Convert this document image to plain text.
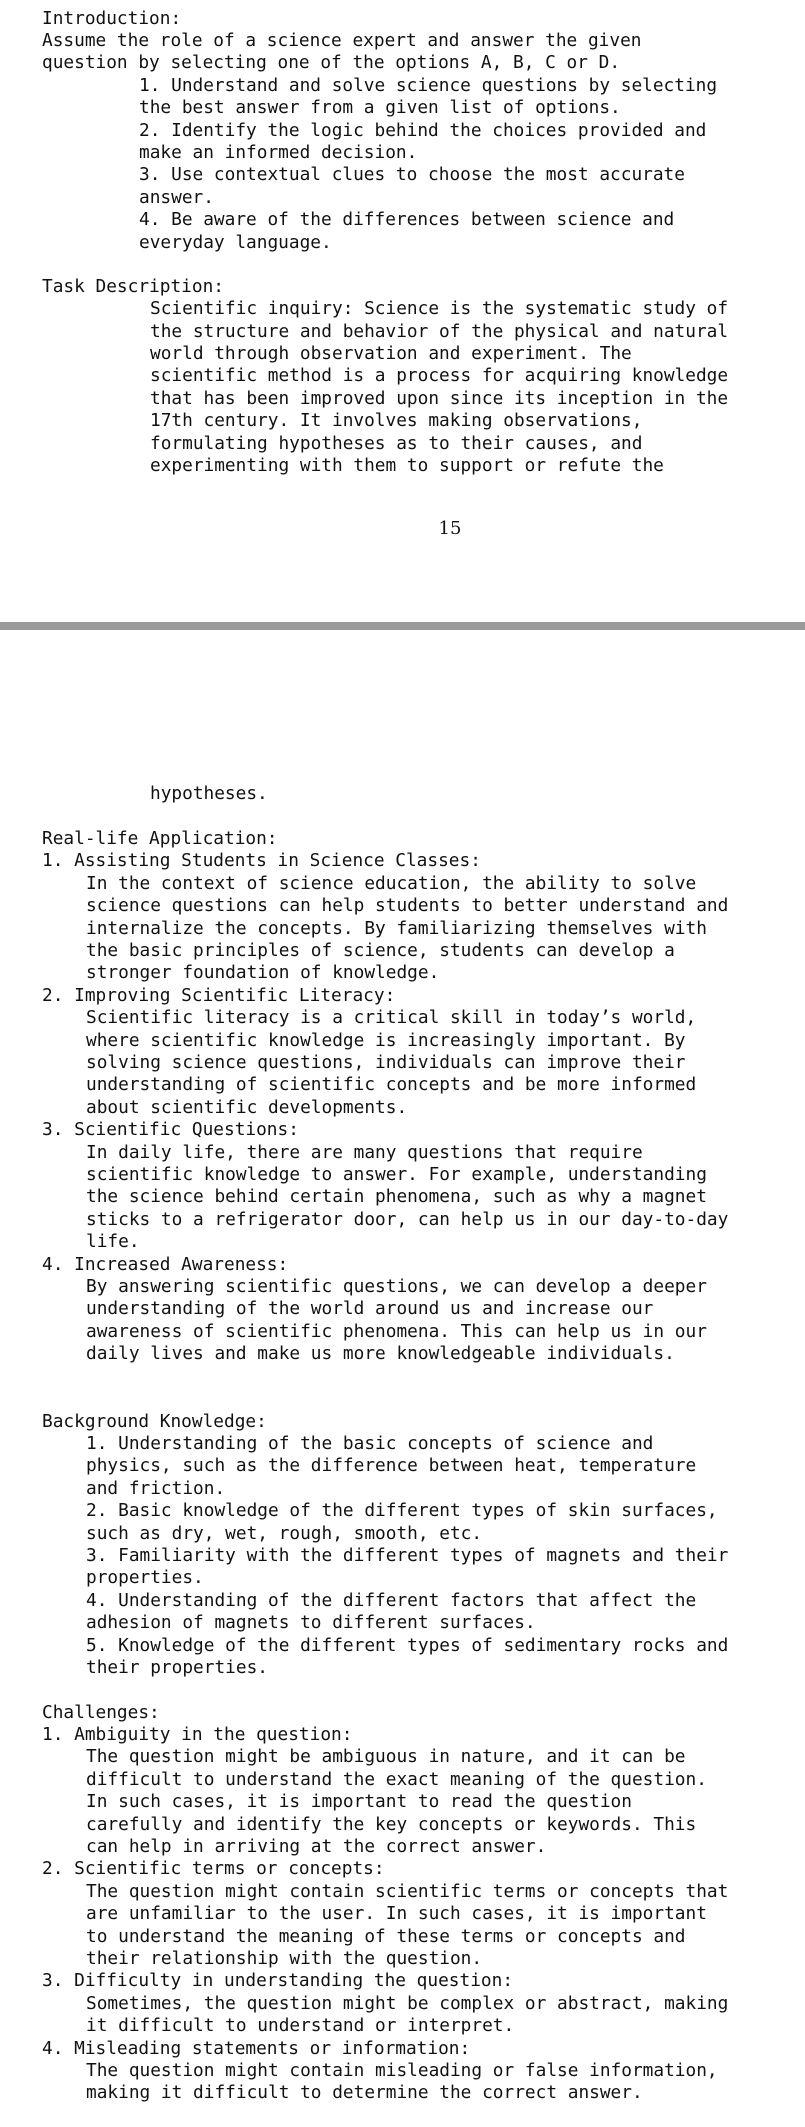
Introduction:
Assume the role of a science expert and answer the given
question by selecting one of the options A, B, C or D.
1. Understand and solve science questions by selecting
the best answer from a given list of options.
2. Identify the logic behind the choices provided and
make an informed decision.
3. Use contextual clues to choose the most accurate
answer.
4. Be aware of the differences between science and
everyday language.
Task Description:
Scientific inquiry: Science is the systematic study of
the structure and behavior of the physical and natural
world through observation and experiment. The
scientific method is a process for acquiring knowledge
that has been improved upon since its inception in the
17th century. It involves making observations,
formulating hypotheses as to their causes, and
experimenting with them to support or refute the
15
hypotheses.
Real-life Application:
1. Assisting Students in Science Classes:
In the context of science education, the ability to solve
science questions can help students to better understand and
internalize the concepts. By familiarizing themselves with
the basic principles of science, students can develop a
stronger foundation of knowledge.
2. Improving Scientific Literacy:
Scientific literacy is a critical skill in today’s world,
where scientific knowledge is increasingly important. By
solving science questions, individuals can improve their
understanding of scientific concepts and be more informed
about scientific developments.
3. Scientific Questions:
In daily life, there are many questions that require
scientific knowledge to answer. For example, understanding
the science behind certain phenomena, such as why a magnet
sticks to a refrigerator door, can help us in our day-to-day
life.
4. Increased Awareness:
By answering scientific questions, we can develop a deeper
understanding of the world around us and increase our
awareness of scientific phenomena. This can help us in our
daily lives and make us more knowledgeable individuals.
Background Knowledge:
1. Understanding of the basic concepts of science and
physics, such as the difference between heat, temperature
and friction.
2. Basic knowledge of the different types of skin surfaces,
such as dry, wet, rough, smooth, etc.
3. Familiarity with the different types of magnets and their
properties.
4. Understanding of the different factors that affect the
adhesion of magnets to different surfaces.
5. Knowledge of the different types of sedimentary rocks and
their properties.
Challenges:
1. Ambiguity in the question:
The question might be ambiguous in nature, and it can be
difficult to understand the exact meaning of the question.
In such cases, it is important to read the question
carefully and identify the key concepts or keywords. This
can help in arriving at the correct answer.
2. Scientific terms or concepts:
The question might contain scientific terms or concepts that
are unfamiliar to the user. In such cases, it is important
to understand the meaning of these terms or concepts and
their relationship with the question.
3. Difficulty in understanding the question:
Sometimes, the question might be complex or abstract, making
it difficult to understand or interpret.
4. Misleading statements or information:
The question might contain misleading or false information,
making it difficult to determine the correct answer.
